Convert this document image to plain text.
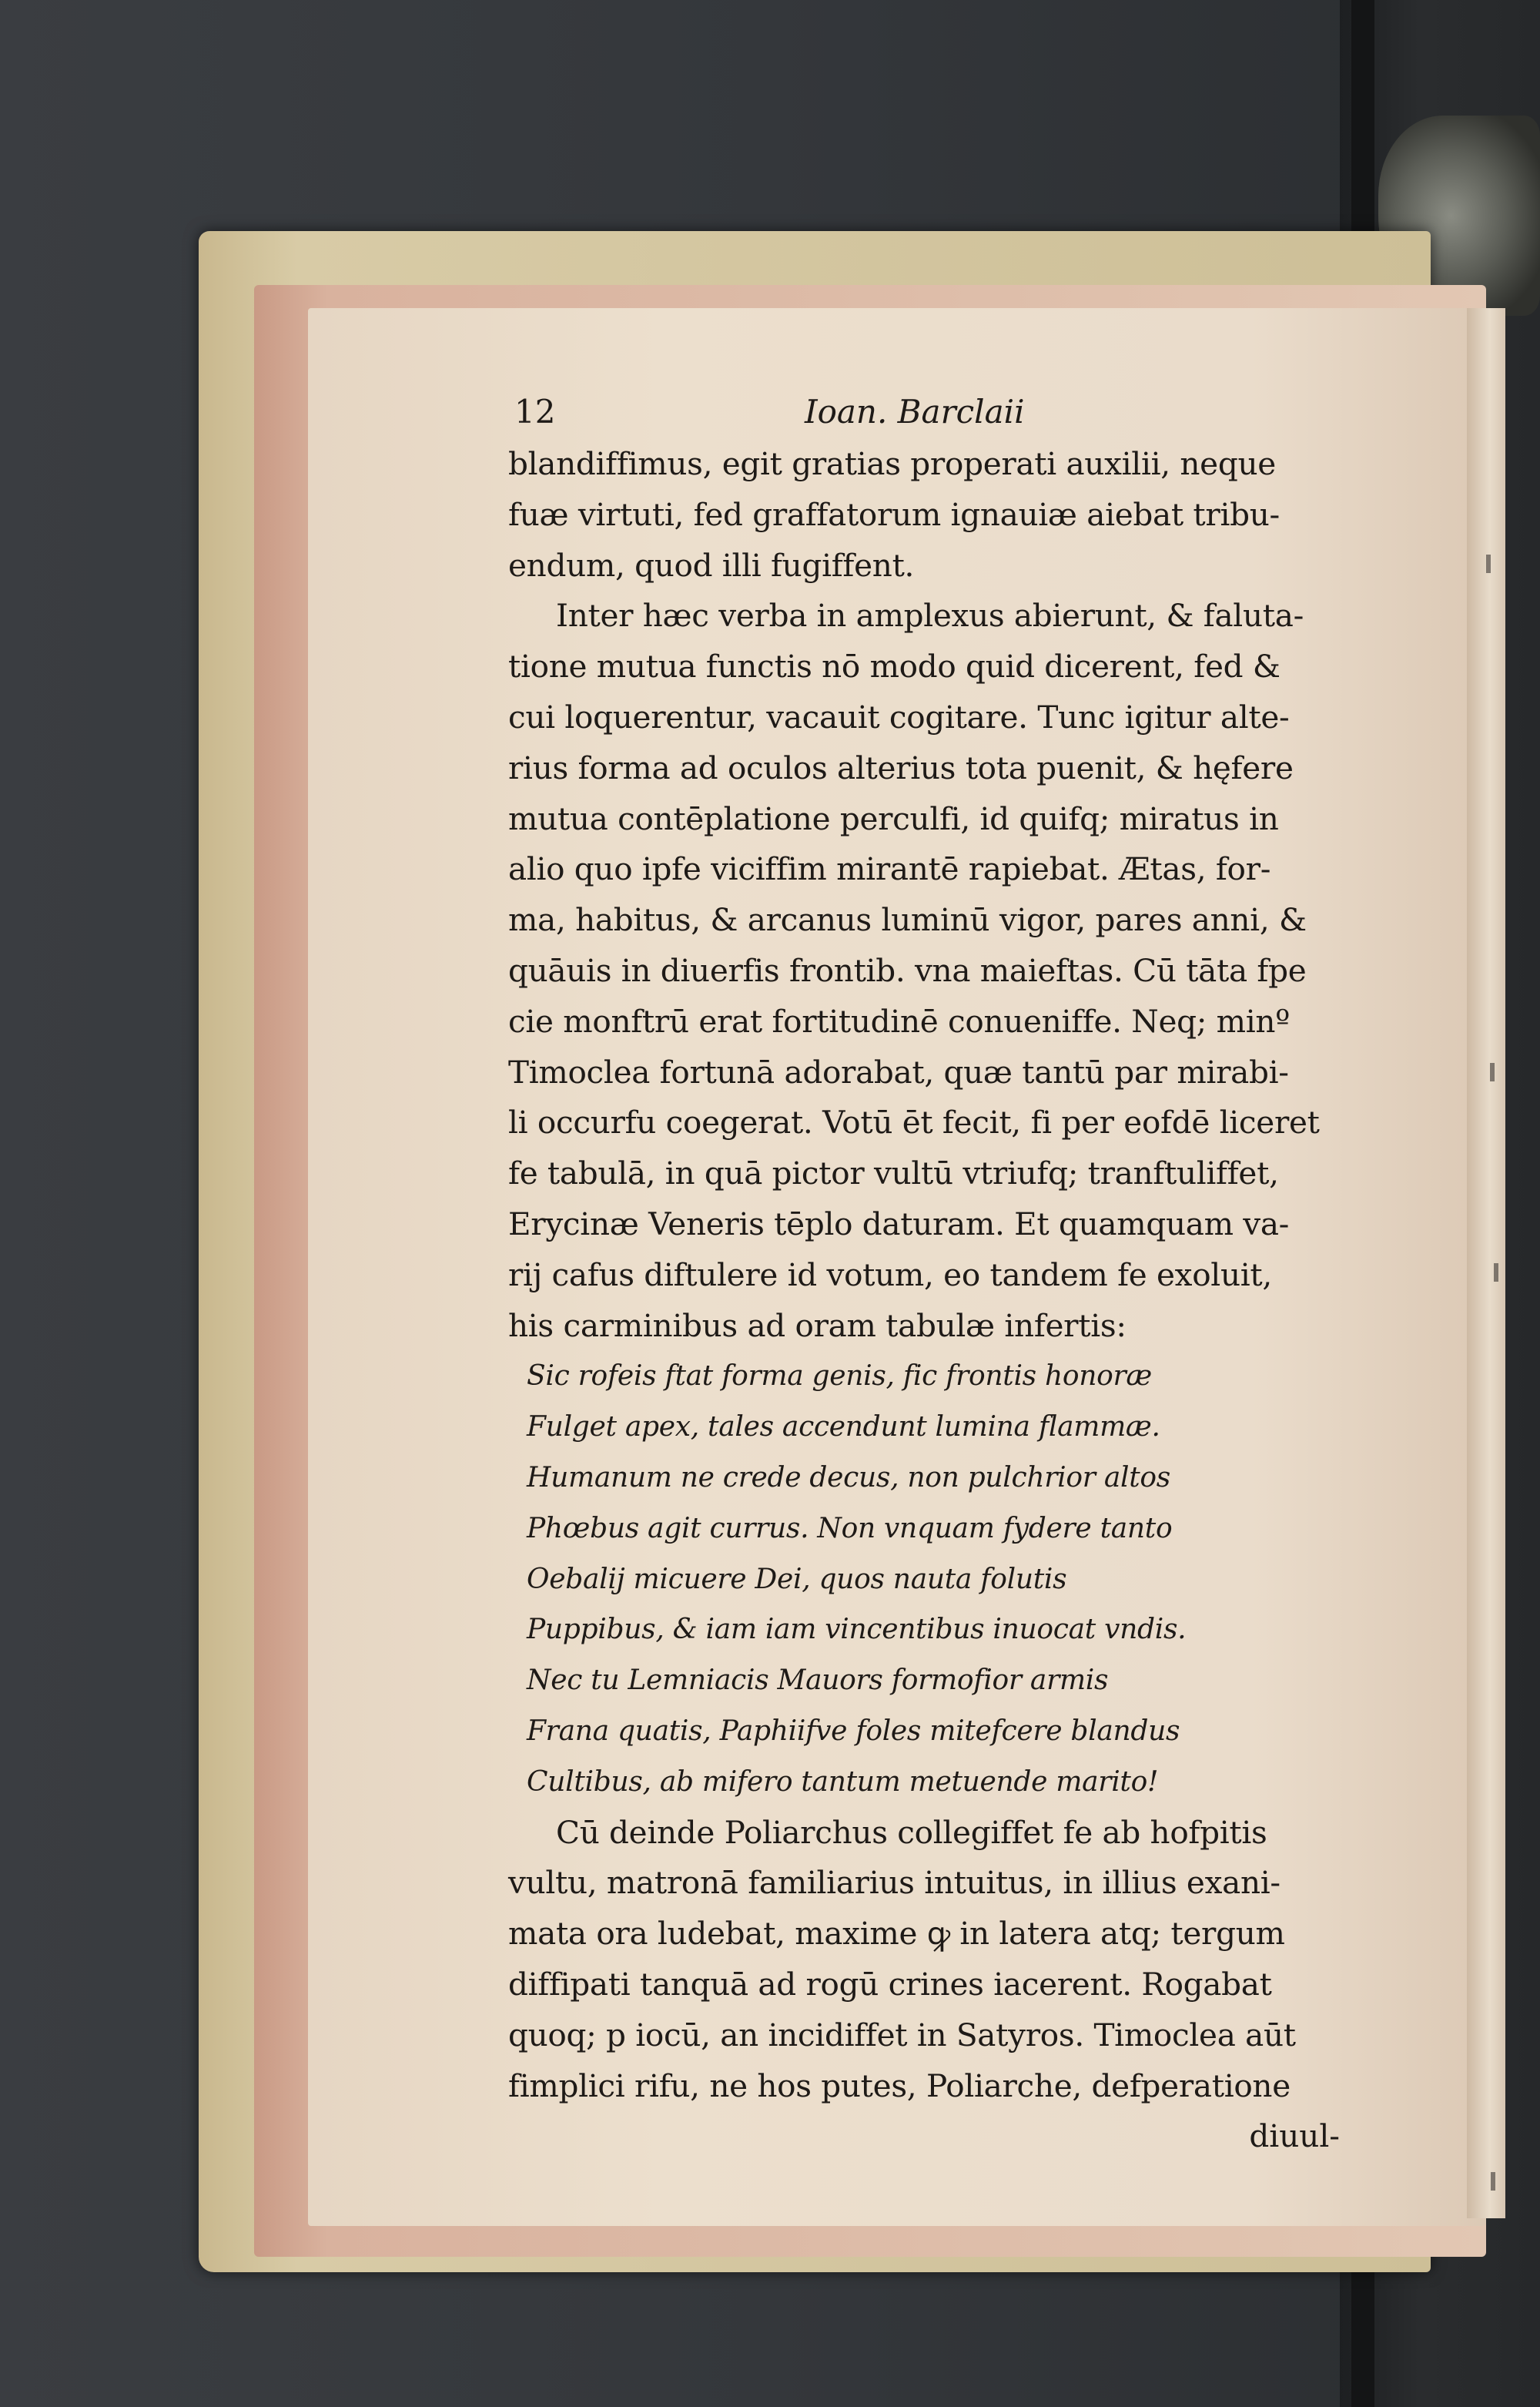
12	Ioan. Barclaii
blandiffimus, egit gratias properati auxilii, neque
fuæ virtuti, fed graffatorum ignauiæ aiebat tribu-
endum, quod illi fugiffent.
Inter hæc verba in amplexus abierunt, & faluta-
tione mutua functis nō modo quid dicerent, fed &
cui loquerentur, vacauit cogitare. Tunc igitur alte-
rius forma ad oculos alterius tota puenit, & hęfere
mutua contēplatione perculfi, id quifq; miratus in
alio quo ipfe viciffim mirantē rapiebat. Ætas, for-
ma, habitus, & arcanus luminū vigor, pares anni, &
quāuis in diuerfis frontib. vna maieftas. Cū tāta fpe
cie monftrū erat fortitudinē conueniffe. Neq; minº
Timoclea fortunā adorabat, quæ tantū par mirabi-
li occurfu coegerat. Votū ēt fecit, fi per eofdē liceret
fe tabulā, in quā pictor vultū vtriufq; tranftuliffet,
Erycinæ Veneris tēplo daturam. Et quamquam va-
rij cafus diftulere id votum, eo tandem fe exoluit,
his carminibus ad oram tabulæ infertis:
Sic rofeis ftat forma genis, fic frontis honoræ
Fulget apex, tales accendunt lumina flammæ.
Humanum ne crede decus, non pulchrior altos
Phœbus agit currus. Non vnquam fydere tanto
Oebalij micuere Dei, quos nauta folutis
Puppibus, & iam iam vincentibus inuocat vndis.
Nec tu Lemniacis Mauors formofior armis
Frana quatis, Paphiifve foles mitefcere blandus
Cultibus, ab mifero tantum metuende marito!
Cū deinde Poliarchus collegiffet fe ab hofpitis
vultu, matronā familiarius intuitus, in illius exani-
mata ora ludebat, maxime ꝙ in latera atq; tergum
diffipati tanquā ad rogū crines iacerent. Rogabat
quoq; p iocū, an incidiffet in Satyros. Timoclea aūt
fimplici rifu, ne hos putes, Poliarche, defperatione
diuul-
